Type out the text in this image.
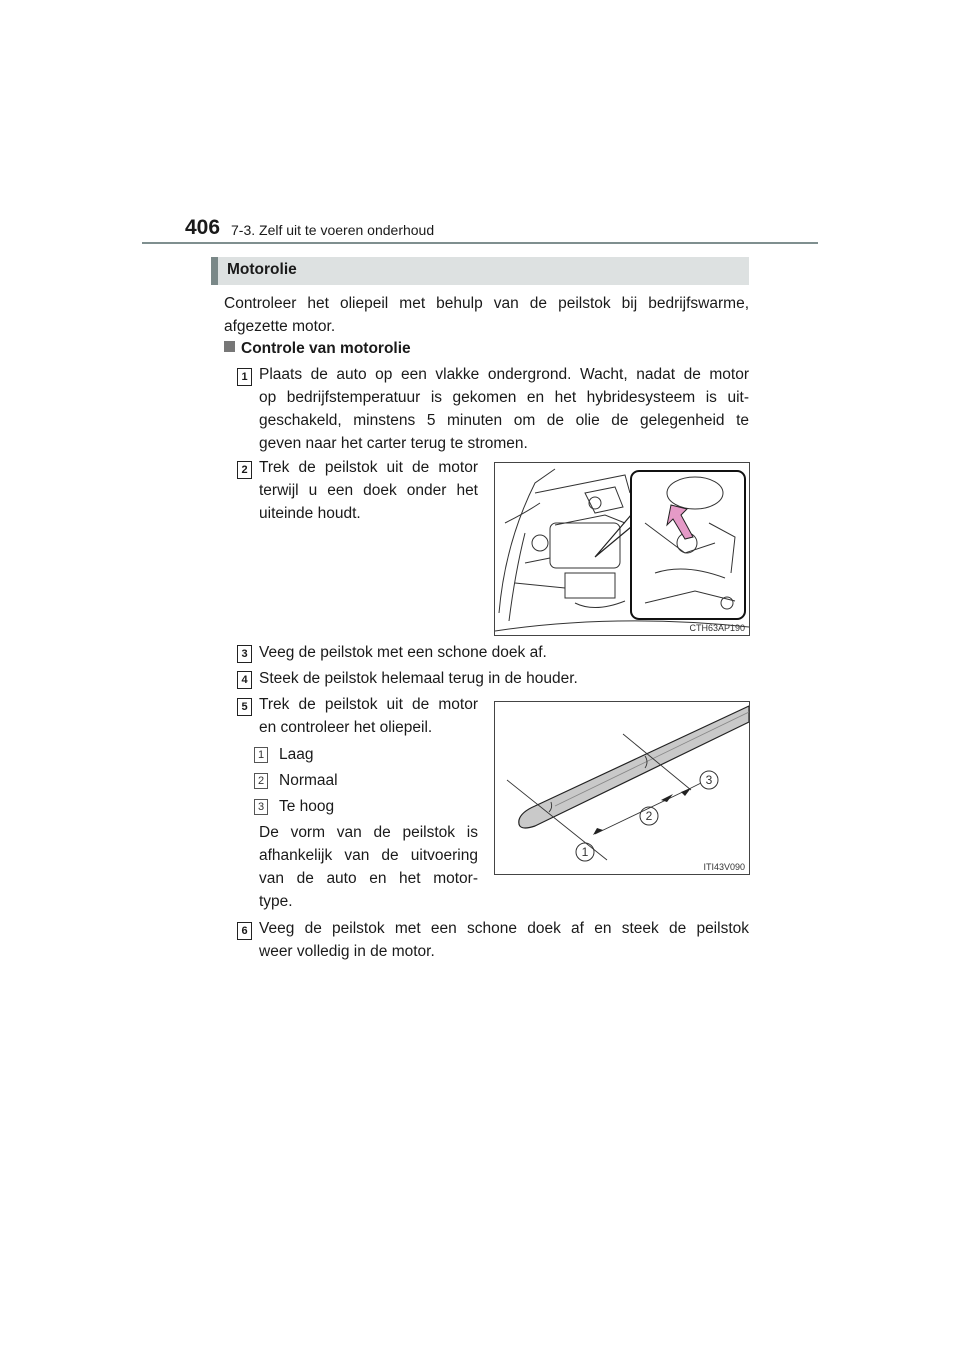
406 7-3. Zelf uit te voeren onderhoud
Motorolie
Controleer het oliepeil met behulp van de peilstok bij bedrijfswarme,
afgezette motor.
Controle van motorolie
1 Plaats de auto op een vlakke ondergrond. Wacht, nadat de motor
op bedrijfstemperatuur is gekomen en het hybridesysteem is uit-
geschakeld, minstens 5 minuten om de olie de gelegenheid te
geven naar het carter terug te stromen.
2 Trek de peilstok uit de motor
terwijl u een doek onder het
uiteinde houdt.
CTH63AP190
3 Veeg de peilstok met een schone doek af.
4 Steek de peilstok helemaal terug in de houder.
5 Trek de peilstok uit de motor
en controleer het oliepeil.
1 Laag
2 Normaal
3 Te hoog
De vorm van de peilstok is
afhankelijk van de uitvoering
van de auto en het motor-
type.
3
2
1
ITI43V090
6 Veeg de peilstok met een schone doek af en steek de peilstok
weer volledig in de motor.
